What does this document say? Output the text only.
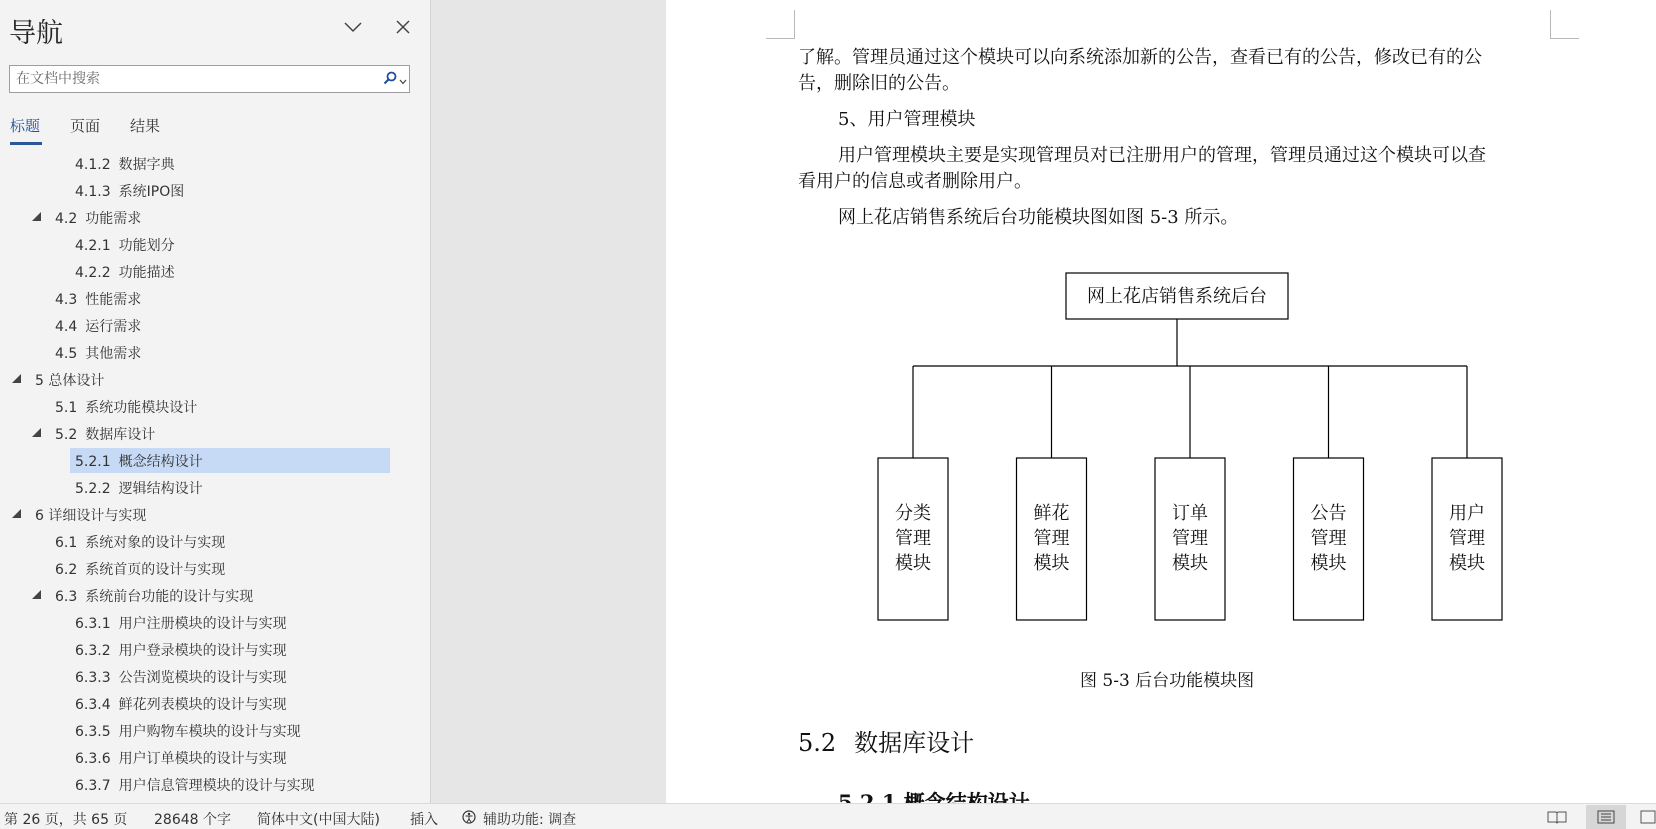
导航
在文档中搜索
标题 页面 结果
4.1.2 数据字典
4.1.3 系统IPO图
4.2 功能需求
4.2.1 功能划分
4.2.2 功能描述
4.3 性能需求
4.4 运行需求
4.5 其他需求
5 总体设计
5.1 系统功能模块设计
5.2 数据库设计
5.2.1 概念结构设计
5.2.2 逻辑结构设计
6 详细设计与实现
6.1 系统对象的设计与实现
6.2 系统首页的设计与实现
6.3 系统前台功能的设计与实现
6.3.1 用户注册模块的设计与实现
6.3.2 用户登录模块的设计与实现
6.3.3 公告浏览模块的设计与实现
6.3.4 鲜花列表模块的设计与实现
6.3.5 用户购物车模块的设计与实现
6.3.6 用户订单模块的设计与实现
6.3.7 用户信息管理模块的设计与实现
了解。管理员通过这个模块可以向系统添加新的公告，查看已有的公告，修改已有的公
告，删除旧的公告。
5、用户管理模块
用户管理模块主要是实现管理员对已注册用户的管理，管理员通过这个模块可以查
看用户的信息或者删除用户。
网上花店销售系统后台功能模块图如图 5-3 所示。
网上花店销售系统后台
分类
管理
模块
鲜花
管理
模块
订单
管理
模块
公告
管理
模块
用户
管理
模块
图 5-3 后台功能模块图
5.2 数据库设计
第 26 页，共 65 页 28648 个字 简体中文(中国大陆) 插入	辅助功能: 调查
